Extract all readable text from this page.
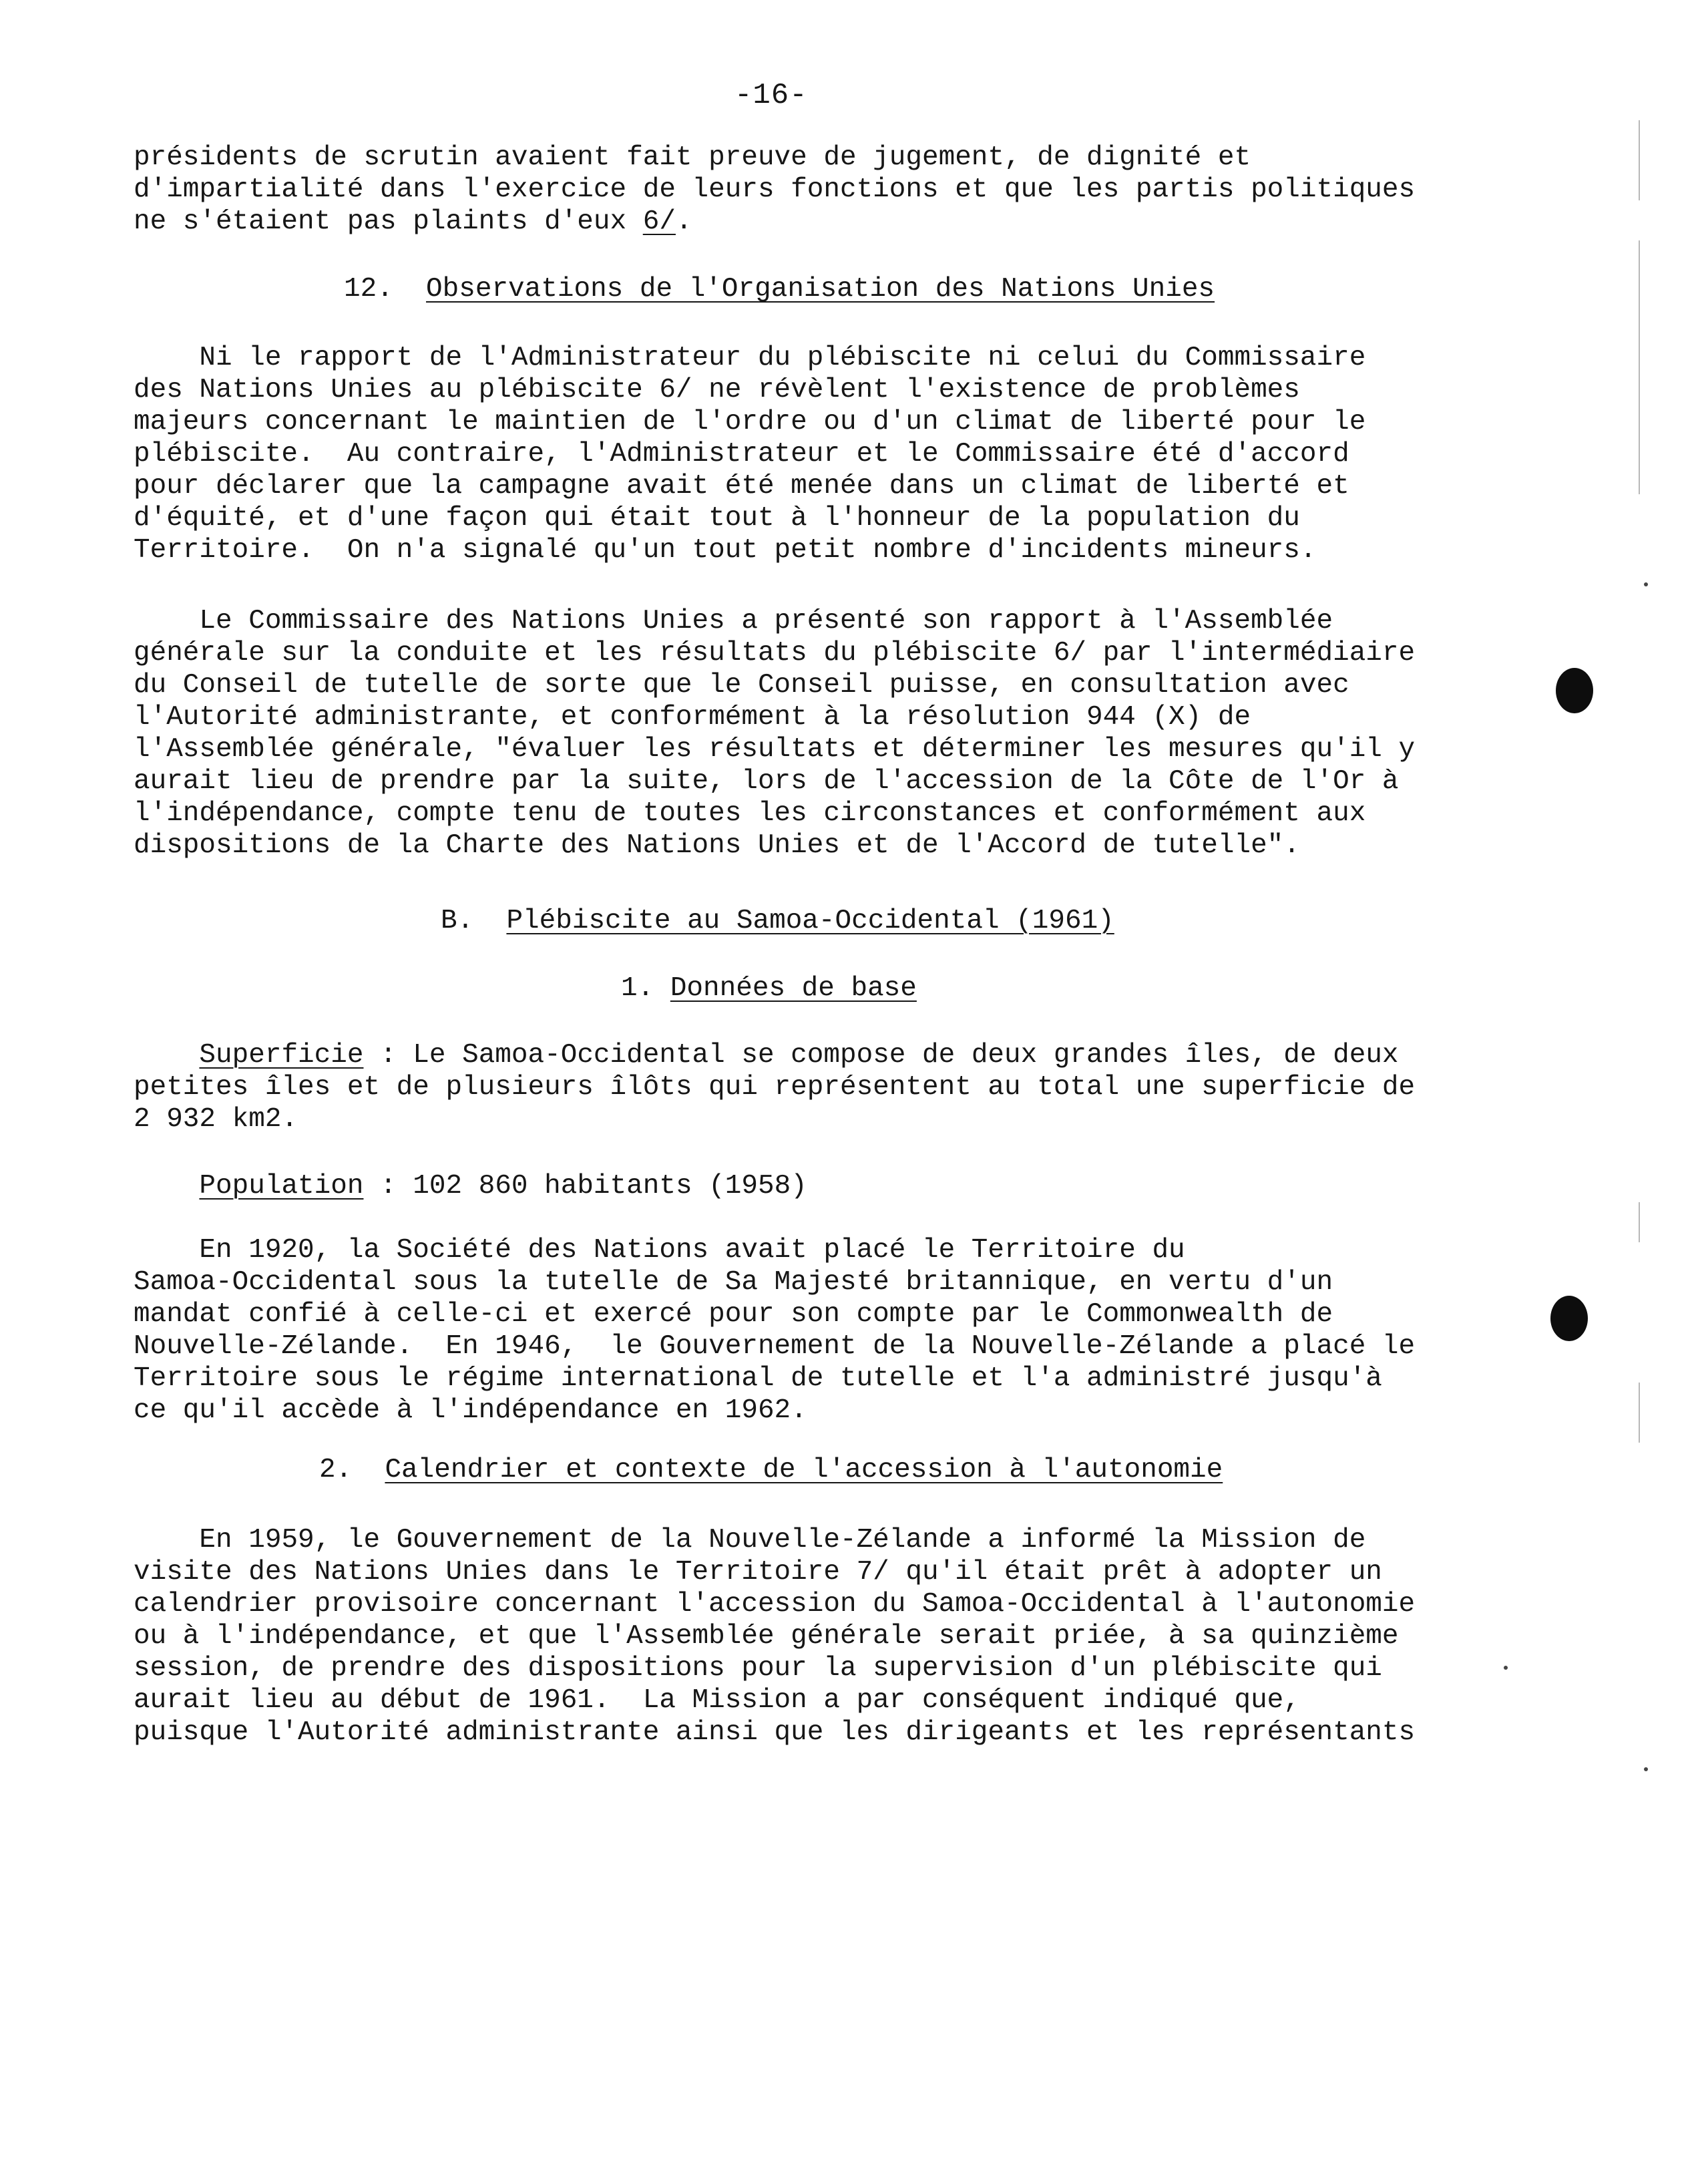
-16-
présidents de scrutin avaient fait preuve de jugement, de dignité et
d'impartialité dans l'exercice de leurs fonctions et que les partis politiques
ne s'étaient pas plaints d'eux 6/.
12. Observations de l'Organisation des Nations Unies
Ni le rapport de l'Administrateur du plébiscite ni celui du Commissaire
des Nations Unies au plébiscite 6/ ne révèlent l'existence de problèmes
majeurs concernant le maintien de l'ordre ou d'un climat de liberté pour le
plébiscite.  Au contraire, l'Administrateur et le Commissaire été d'accord
pour déclarer que la campagne avait été menée dans un climat de liberté et
d'équité, et d'une façon qui était tout à l'honneur de la population du
Territoire.  On n'a signalé qu'un tout petit nombre d'incidents mineurs.
Le Commissaire des Nations Unies a présenté son rapport à l'Assemblée
générale sur la conduite et les résultats du plébiscite 6/ par l'intermédiaire
du Conseil de tutelle de sorte que le Conseil puisse, en consultation avec
l'Autorité administrante, et conformément à la résolution 944 (X) de
l'Assemblée générale, "évaluer les résultats et déterminer les mesures qu'il y
aurait lieu de prendre par la suite, lors de l'accession de la Côte de l'Or à
l'indépendance, compte tenu de toutes les circonstances et conformément aux
dispositions de la Charte des Nations Unies et de l'Accord de tutelle".
B. Plébiscite au Samoa-Occidental (1961)
1. Données de base
Superficie : Le Samoa-Occidental se compose de deux grandes îles, de deux
petites îles et de plusieurs îlôts qui représentent au total une superficie de
2 932 km2.
Population : 102 860 habitants (1958)
En 1920, la Société des Nations avait placé le Territoire du
Samoa-Occidental sous la tutelle de Sa Majesté britannique, en vertu d'un
mandat confié à celle-ci et exercé pour son compte par le Commonwealth de
Nouvelle-Zélande.  En 1946,  le Gouvernement de la Nouvelle-Zélande a placé le
Territoire sous le régime international de tutelle et l'a administré jusqu'à
ce qu'il accède à l'indépendance en 1962.
2. Calendrier et contexte de l'accession à l'autonomie
En 1959, le Gouvernement de la Nouvelle-Zélande a informé la Mission de
visite des Nations Unies dans le Territoire 7/ qu'il était prêt à adopter un
calendrier provisoire concernant l'accession du Samoa-Occidental à l'autonomie
ou à l'indépendance, et que l'Assemblée générale serait priée, à sa quinzième
session, de prendre des dispositions pour la supervision d'un plébiscite qui
aurait lieu au début de 1961.  La Mission a par conséquent indiqué que,
puisque l'Autorité administrante ainsi que les dirigeants et les représentants
